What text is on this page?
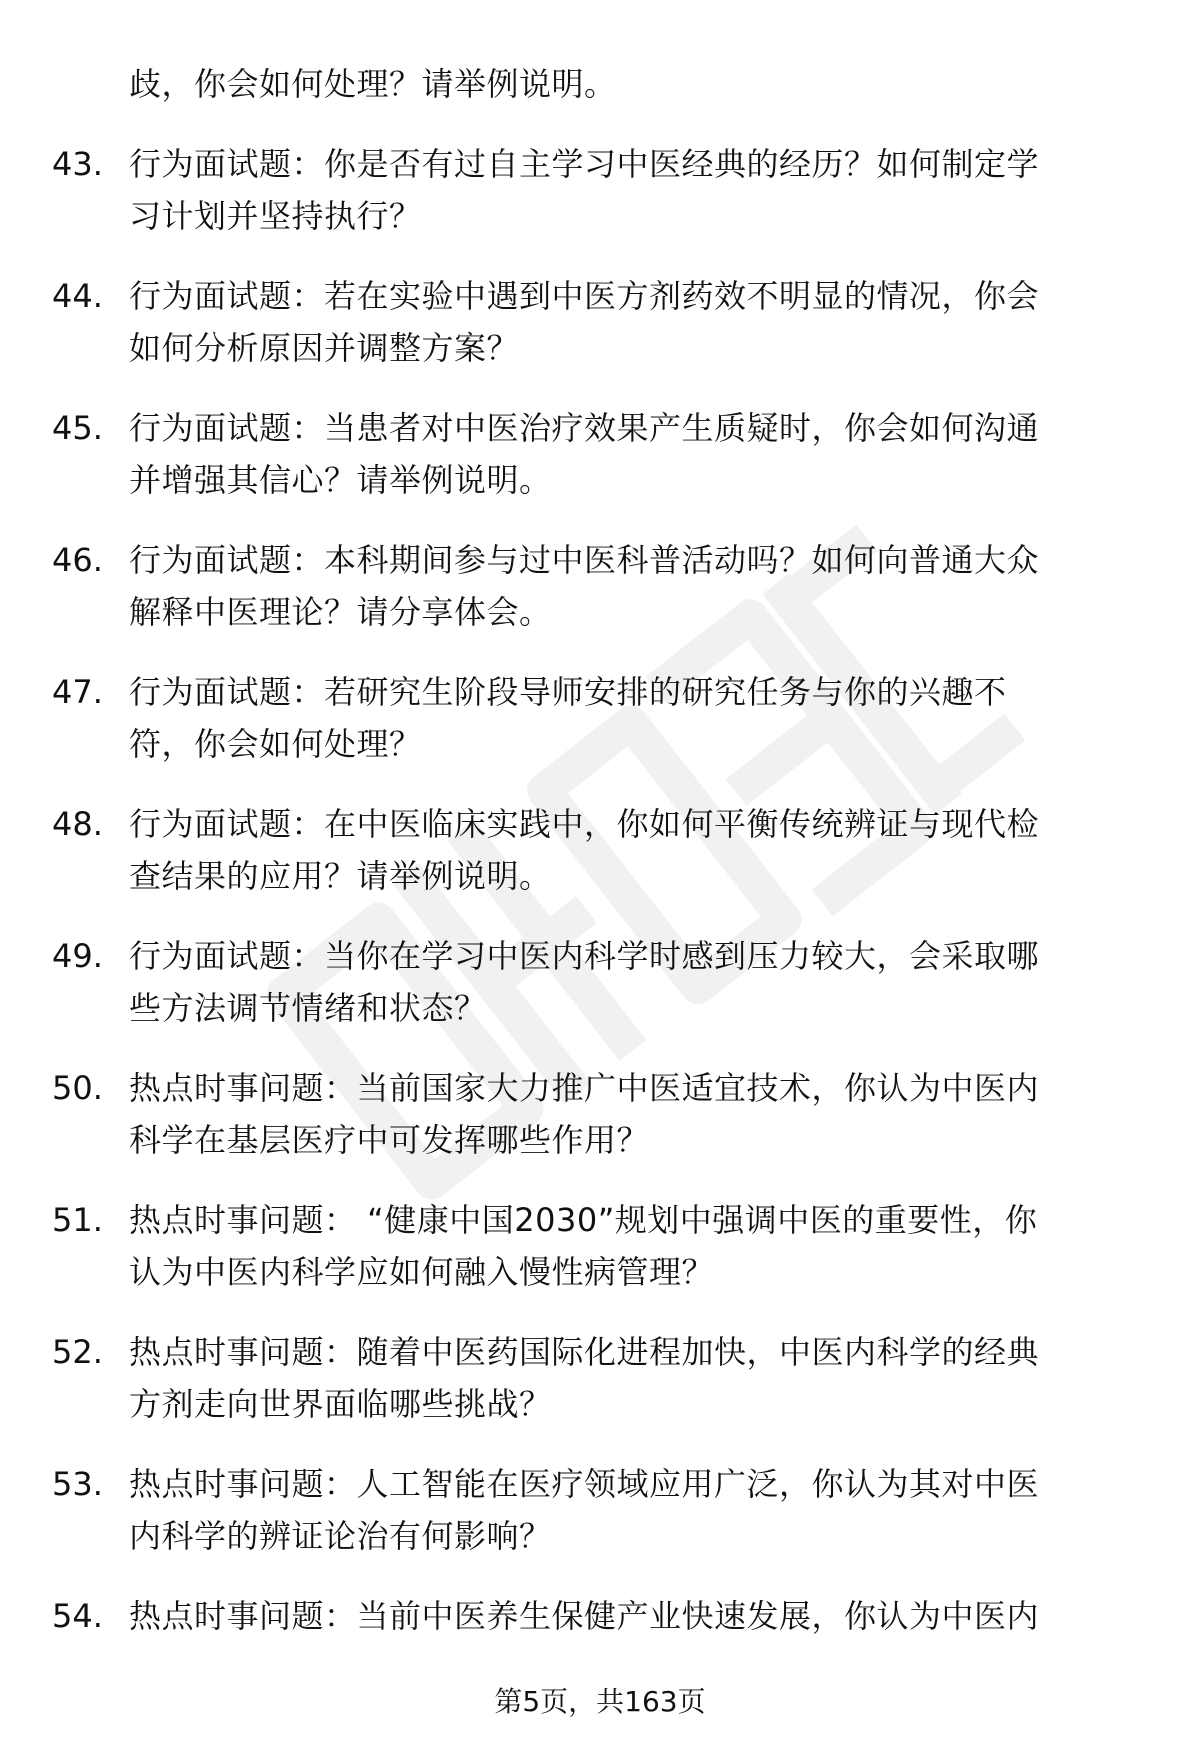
歧，你会如何处理？请举例说明。
43. 行为面试题：你是否有过自主学习中医经典的经历？如何制定学
习计划并坚持执行？
44. 行为面试题：若在实验中遇到中医方剂药效不明显的情况，你会
如何分析原因并调整方案？
45. 行为面试题：当患者对中医治疗效果产生质疑时，你会如何沟通
并增强其信心？请举例说明。
46. 行为面试题：本科期间参与过中医科普活动吗？如何向普通大众
解释中医理论？请分享体会。
47. 行为面试题：若研究生阶段导师安排的研究任务与你的兴趣不
符，你会如何处理？
48. 行为面试题：在中医临床实践中，你如何平衡传统辨证与现代检
查结果的应用？请举例说明。
49. 行为面试题：当你在学习中医内科学时感到压力较大，会采取哪
些方法调节情绪和状态？
50. 热点时事问题：当前国家大力推广中医适宜技术，你认为中医内
科学在基层医疗中可发挥哪些作用？
51. 热点时事问题： “健康中国2030”规划中强调中医的重要性，你
认为中医内科学应如何融入慢性病管理？
52. 热点时事问题：随着中医药国际化进程加快，中医内科学的经典
方剂走向世界面临哪些挑战？
53. 热点时事问题：人工智能在医疗领域应用广泛，你认为其对中医
内科学的辨证论治有何影响？
54. 热点时事问题：当前中医养生保健产业快速发展，你认为中医内
第5页，共163页
